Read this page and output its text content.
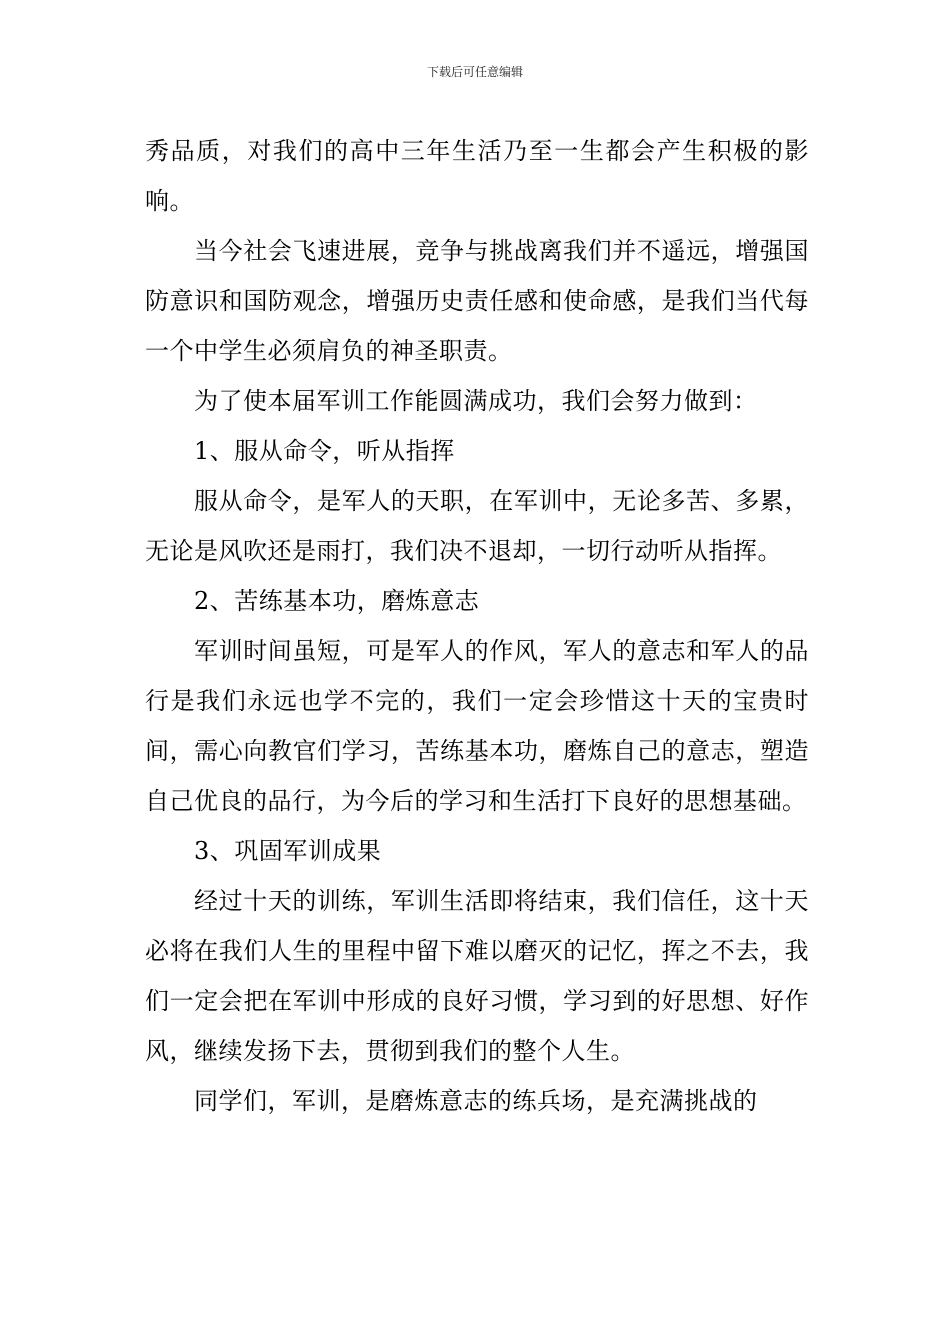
下载后可任意编辑

秀品质，对我们的高中三年生活乃至一生都会产生积极的影响。

当今社会飞速进展，竞争与挑战离我们并不遥远，增强国防意识和国防观念，增强历史责任感和使命感，是我们当代每一个中学生必须肩负的神圣职责。

为了使本届军训工作能圆满成功，我们会努力做到：

1、服从命令，听从指挥

服从命令，是军人的天职，在军训中，无论多苦、多累，无论是风吹还是雨打，我们决不退却，一切行动听从指挥。

2、苦练基本功，磨炼意志

军训时间虽短，可是军人的作风，军人的意志和军人的品行是我们永远也学不完的，我们一定会珍惜这十天的宝贵时间，需心向教官们学习，苦练基本功，磨炼自己的意志，塑造自己优良的品行，为今后的学习和生活打下良好的思想基础。

3、巩固军训成果

经过十天的训练，军训生活即将结束，我们信任，这十天必将在我们人生的里程中留下难以磨灭的记忆，挥之不去，我们一定会把在军训中形成的良好习惯，学习到的好思想、好作风，继续发扬下去，贯彻到我们的整个人生。

同学们，军训，是磨炼意志的练兵场，是充满挑战的
